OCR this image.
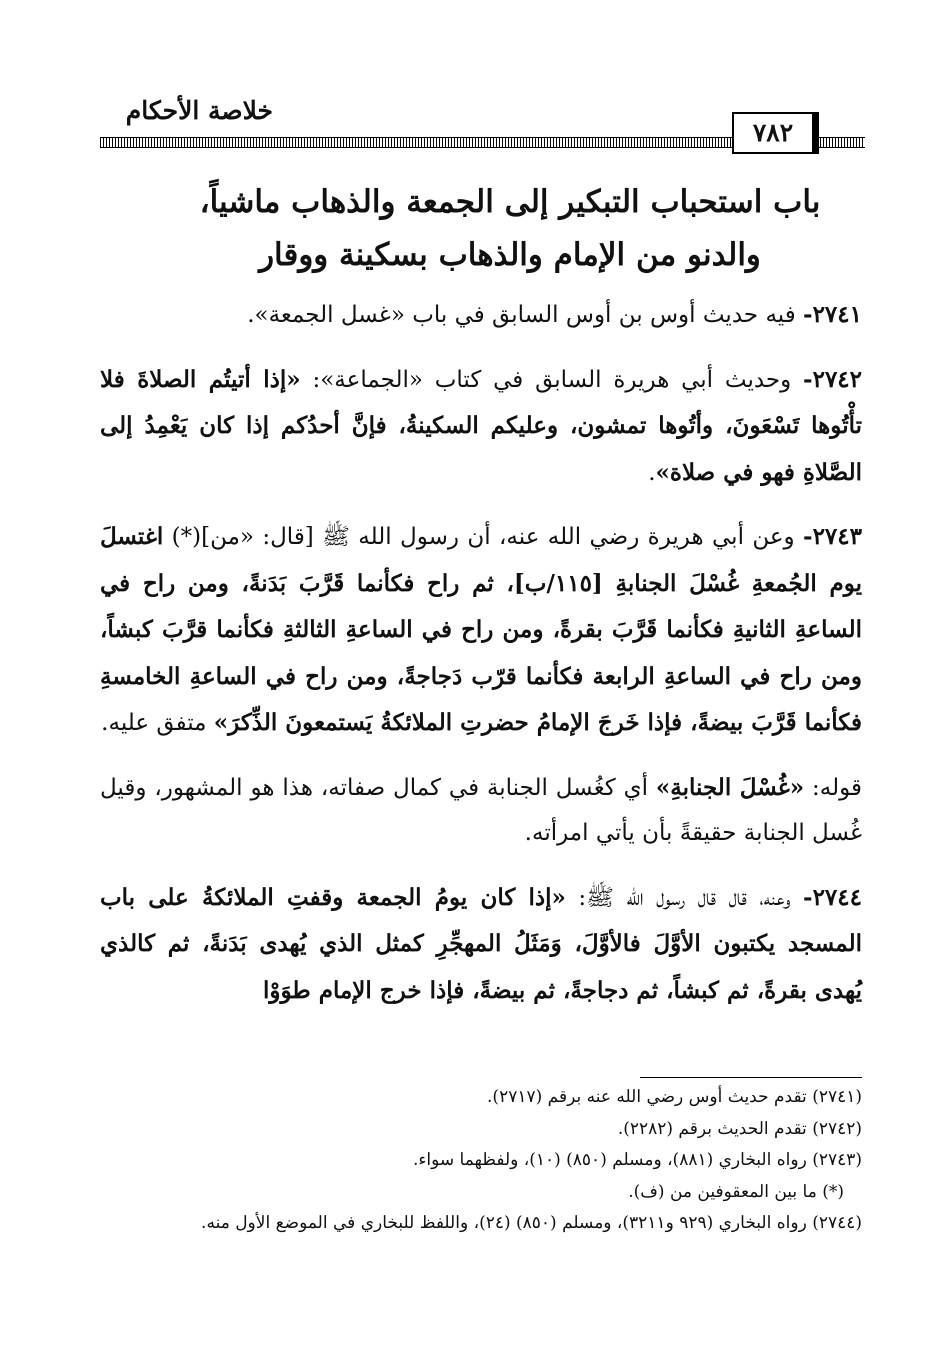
خلاصة الأحكام
٧٨٢
باب استحباب التبكير إلى الجمعة والذهاب ماشياً،
والدنو من الإمام والذهاب بسكينة ووقار

٢٧٤١- فيه حديث أوس بن أوس السابق في باب «غسل الجمعة».

٢٧٤٢- وحديث أبي هريرة السابق في كتاب «الجماعة»: «إذا أتيتُم الصلاةَ فلا تأْتُوها تَسْعَونَ، وأتُوها تمشون، وعليكم السكينةُ، فإنَّ أحدُكم إذا كان يَعْمِدُ إلى الصَّلاةِ فهو في صلاة».

٢٧٤٣- وعن أبي هريرة رضي الله عنه، أن رسول الله ﷺ [قال: «من](*) اغتسلَ يوم الجُمعةِ غُسْلَ الجنابةِ [١١٥/ب]، ثم راح فكأنما قَرَّبَ بَدَنةً، ومن راح في الساعةِ الثانيةِ فكأنما قَرَّبَ بقرةً، ومن راح في الساعةِ الثالثةِ فكأنما قرَّبَ كبشاً، ومن راح في الساعةِ الرابعة فكأنما قرّب دَجاجةً، ومن راح في الساعةِ الخامسةِ فكأنما قَرَّبَ بيضةً، فإذا خَرجَ الإمامُ حضرتِ الملائكةُ يَستمعونَ الذِّكرَ» متفق عليه.

قوله: «غُسْلَ الجنابةِ» أي كغُسل الجنابة في كمال صفاته، هذا هو المشهور، وقيل غُسل الجنابة حقيقةً بأن يأتي امرأته.

٢٧٤٤- وعنه، قال قال رسول الله ﷺ: «إذا كان يومُ الجمعة وقفتِ الملائكةُ على باب المسجد يكتبون الأوَّلَ فالأوَّلَ، وَمَثَلُ المهجِّرِ كمثل الذي يُهدى بَدَنةً، ثم كالذي يُهدى بقرةً، ثم كبشاً، ثم دجاجةً، ثم بيضةً، فإذا خرج الإمام طوَوْا

(٢٧٤١) تقدم حديث أوس رضي الله عنه برقم (٢٧١٧).

(٢٧٤٢) تقدم الحديث برقم (٢٢٨٢).

(٢٧٤٣) رواه البخاري (٨٨١)، ومسلم (٨٥٠) (١٠)، ولفظهما سواء.

(*) ما بين المعقوفين من (ف).

(٢٧٤٤) رواه البخاري (٩٢٩ و٣٢١١)، ومسلم (٨٥٠) (٢٤)، واللفظ للبخاري في الموضع الأول منه.
